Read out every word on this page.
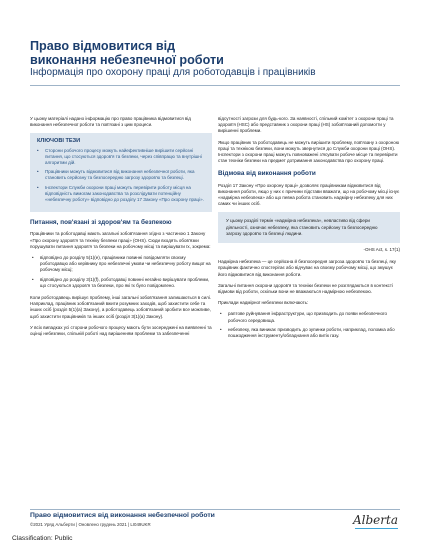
Право відмовитися від
виконання небезпечної роботи
Інформація про охорону праці для роботодавців і працівників

У цьому матеріалі надано інформацію про право працівника відмовитися від виконання небезпечної роботи та пов'язані з цим процеси.

КЛЮЧОВІ ТЕЗИ
• Сторони робочого процесу можуть найефективніше вирішити серйозні питання, що стосуються здоров'я та безпеки, через співпрацю та внутрішні алгоритми дій.
• Працівники можуть відмовитися від виконання небезпечної роботи, яка становить серйозну та безпосередню загрозу здоров'ю та безпеці.
• Інспектори Служби охорони праці можуть перевірити роботу місця на відповідність вимогам законодавства та розслідувати потенційну «небезпечну роботу» відповідно до розділу 17 Закону «Про охорону праці».
Питання, пов'язані зі здоров'ям та безпекою

Працівники та роботодавці мають загальні зобов'язання згідно з частиною 1 Закону «Про охорону здоров'я та техніку безпеки праці» (OHS). Сюди входять обов'язки порушувати питання здоров'я та безпеки на робочому місці та вирішувати їх, зокрема:

• відповідно до розділу 5(1)(e), працівники повинні повідомляти своєму роботодавцю або керівнику про небезпечні умови чи небезпечну роботу вищої на робочому місці;
• відповідно до розділу 3(1)(f), роботодавці повинні негайно вирішувати проблеми, що стосуються здоров'я та безпеки, про які їх було повідомлено.

Коли роботодавець вирішує проблему, інші загальні зобов'язання залишаються в силі. Наприклад, працівник зобов'язаний вжити розумних заходів, щоб захистити себе та інших осіб (розділ 5(1)(a) Закону), а роботодавець зобов'язаний зробити все можливе, щоб захистити працівників та інших осіб (розділ 3(1)(a) Закону).

У всіх випадках усі сторони робочого процесу мають бути зосереджені на виявленні та оцінці небезпеки, спільній роботі над вирішенням проблеми та забезпеченні

відсутності загрози для будь-кого. За наявності, спільний комітет з охорони праці та здоров'я (HSC) або представник з охорони праці (HS) зобов'язаний допомогти у вирішенні проблеми.

Якщо працівник та роботодавець не можуть вирішити проблему, пов'язану з охороною праці та технікою безпеки, вони можуть звернутися до Служби охорони праці (OHS). Інспектори з охорони праці можуть повноважені з'ясувати робоче місце та перевірити стан техніки безпеки на предмет дотримання законодавства про охорону праці.

Відмова від виконання роботи

Розділ 17 Закону «Про охорону праці» дозволяє працівникам відмовитися від виконання роботи, якщо у них є причини підстави вважати, що на робочому місці існує «надмірна небезпека» або що певна робота становить надмірну небезпеку для них самих чи інших осіб.

У цьому розділі термін «надмірна небезпека», невластиво від сфери діяльності, означає небезпеку, яка становить серйозну та безпосередню загрозу здоров'ю та безпеці людини.
-OHS Act, s. 17(1)

Надмірна небезпека — це серйозна й безпосередня загроза здоров'ю та безпеці, яку працівник фактично спостерігає або відчуває на своєму робочому місці, що змушує його відмовитися від виконання роботи.

Загальні питання охорони здоров'я та техніки безпеки не розглядаються в контексті відмови від роботи, оскільки вони не вважаються надмірною небезпекою.

Приклади надмірної небезпеки включають:

• раптове руйнування інфраструктури, що призводить до появи небезпечного робочого середовища.
• небезпеку, яка виникає призводить до зупинки роботи, наприклад, поломка або пошкодження інструменту/обладнання або витік газу.
Право відмовитися від виконання небезпечної роботи
©2021 Уряд Альберти | Оновлено грудень 2021 | LI049UKR	Alberta
Classification: Public
